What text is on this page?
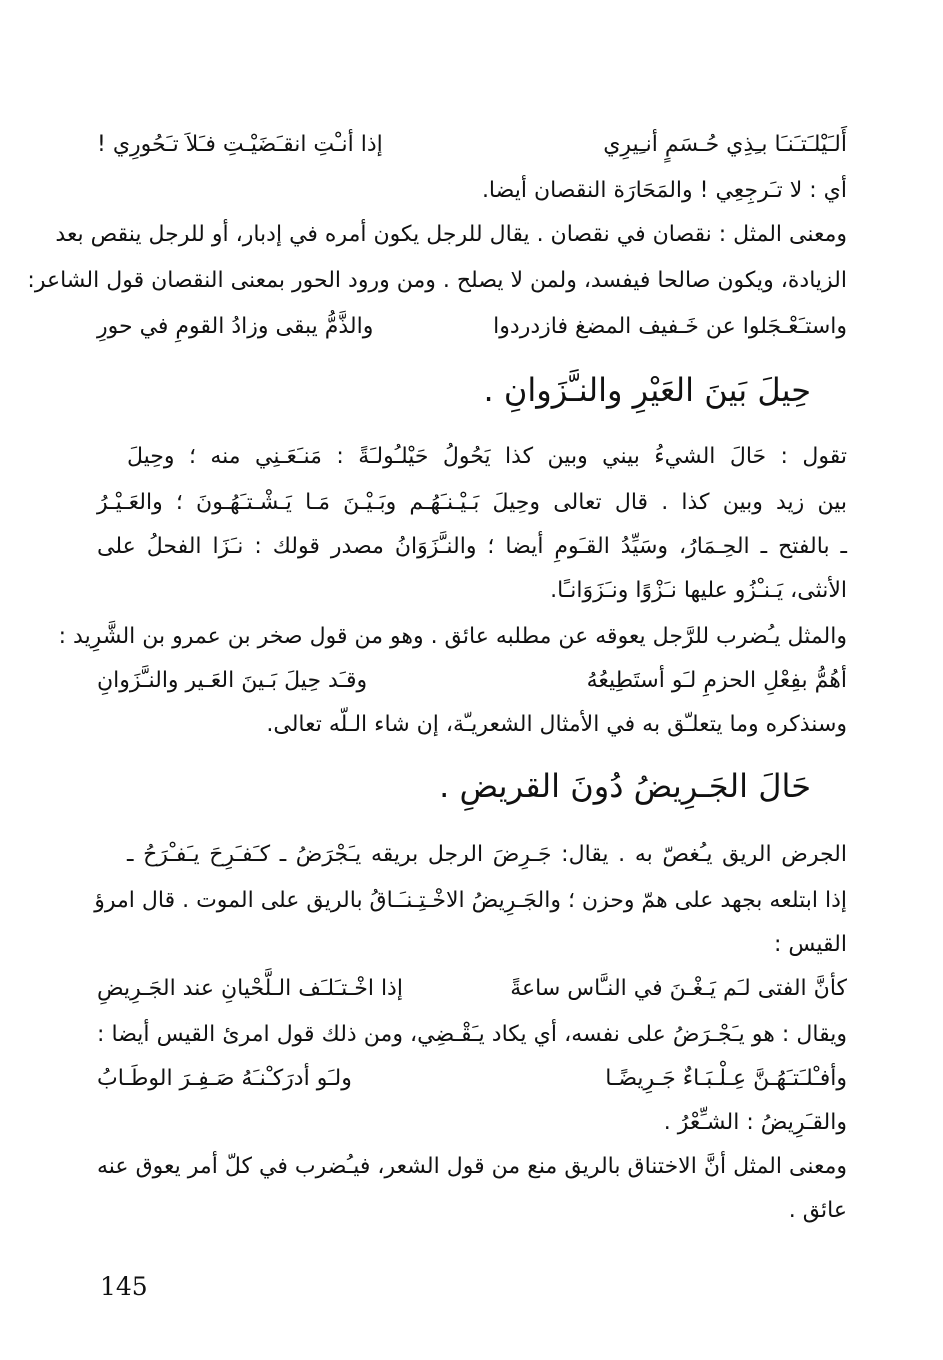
أَلـَيْلـَتـَنـَا بـِذِي حُـسَمٍ أنـِيرِي
إذا أنـْتِ انقـَضَيْـتِ فـَلاَ تـَحُورِي !
أي : لا تـَرجِعِي ! والمَحَارَة النقصان أيضا.
ومعنى المثل : نقصان في نقصان . يقال للرجل يكون أمره في إدبار، أو للرجل ينقص بعد
الزيادة، ويكون صالحا فيفسد، ولمن لا يصلح . ومن ورود الحور بمعنى النقصان قول الشاعر:
واستـَعْـجَلوا عن خَـفيف المضغ فازدردوا
والذَّمُّ يبقى وزادُ القومِ في حورِ
حِيلَ بَينَ العَيْرِ والنـَّزَوانِ .
تقول : حَالَ الشيءُ بيني وبين كذا يَحُولُ حَيْلـُولـَةً : مَنـَعَـنِي منه ؛ وحِيلَ
بين زيد وبين كذا . قال تعالى وحِيلَ بَـيْـنـَهُـم وبَـيْـنَ مَـا يَـشْـتـَهُـونَ ؛ والعَـيْـرُ
ـ بالفتح ـ الحِـمَارُ، وسَيِّدُ القـَومِ أيضا ؛ والنـَّزَوَانُ مصدر قولك : نـَزَا الفحلُ على
الأنثى، يَـنـْزُو عليها نـَزْوًا ونـَزَوَانـًا.
والمثل يـُضرب للرَّجل يعوقه عن مطلبه عائق . وهو من قول صخر بن عمرو بن الشَّرِيد :
أهُمُّ بفِعْلِ الحزمِ لـَو أستَطِيعُهُ
وقـَد حِيلَ بَـينَ العَـير والنـَّزَوانِ
وسنذكره وما يتعلـّق به في الأمثال الشعريـّة، إن شاء الـلّه تعالى.
حَالَ الجَـرِيضُ دُونَ القريضِ .
الجرض الريق يـُغصّ به . يقال: جَـرِضَ الرجل بريقه يـَجْرَضُ ـ كـَفـَرِحَ يـَفـْرَحُ ـ
إذا ابتلعه بجهد على همّ وحزن ؛ والجَـرِيضُ الاخْـتِـنـَـاقُ بالريق على الموت . قال امرؤ
القيس :
كأنَّ الفتى لـَم يَـغْـنَ في النـَّاس ساعةً
إذا اخْـتـَلـَف الـلَّحْيانِ عند الجَـرِيضِ
ويقال : هو يـَجْـرَضُ على نفسه، أي يكاد يـَقْـضِي، ومن ذلك قول امرئ القيس أيضا :
وأفـْلـَتـَهُـنَّ عِـلْـبَـاءٌ جَـرِيضًـا
ولـَو أدرَكـْنـَهُ صَـفِـرَ الوطَـابُ
والقـَرِيضُ : الشـِّعْرُ .
ومعنى المثل أنَّ الاختناق بالريق منع من قول الشعر، فيـُضرب في كلّ أمر يعوق عنه
عائق .
145
